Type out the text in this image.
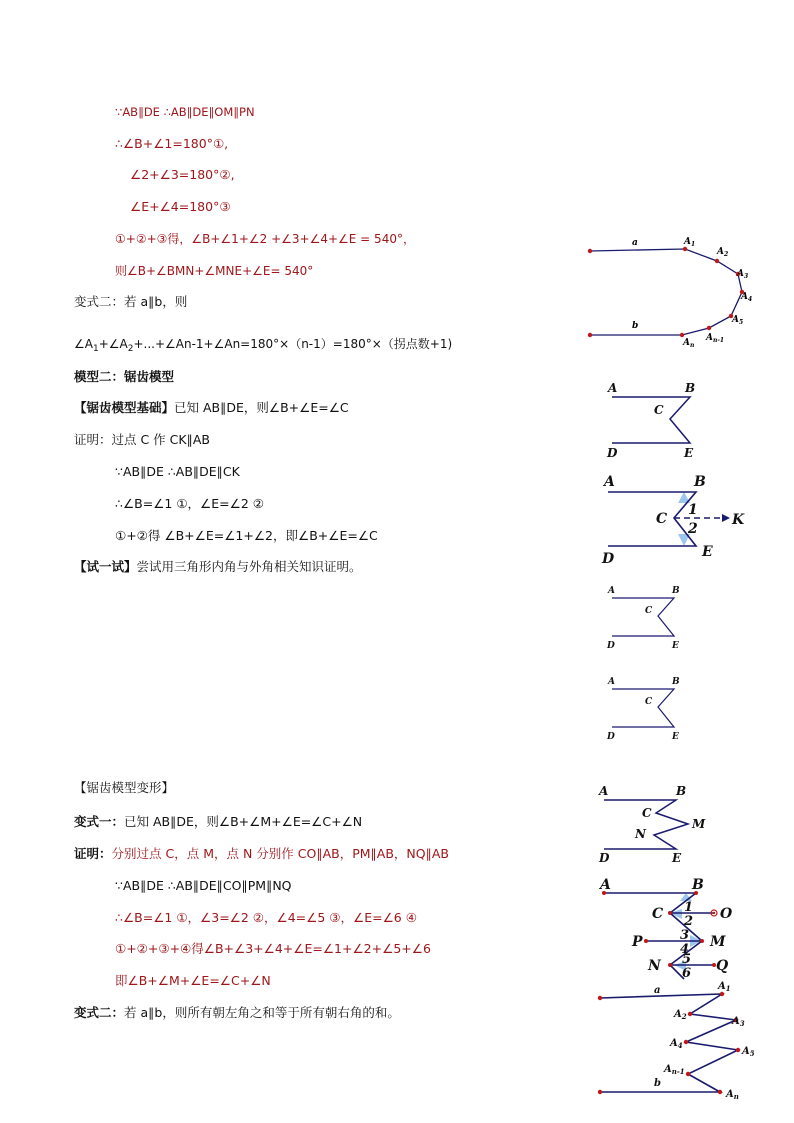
∵AB∥DE ∴AB∥DE∥OM∥PN
∴∠B+∠1=180°①,
∠2+∠3=180°②,
∠E+∠4=180°③
①+②+③得，∠B+∠1+∠2 +∠3+∠4+∠E = 540°，
则∠B+∠BMN+∠MNE+∠E= 540°
变式二：若 a∥b，则
$\angle A_1+\angle A_2+...+\angle An-1+\angle An=180^\circ\times(n-1)=180^\circ\times$（拐点数+1)
模型二：锯齿模型
【锯齿模型基础】已知 AB∥DE，则∠B+∠E=∠C
证明：过点 C 作 CK∥AB
∵AB∥DE ∴AB∥DE∥CK
∴∠B=∠1 ①，∠E=∠2 ②
①+②得 ∠B+∠E=∠1+∠2，即∠B+∠E=∠C
【试一试】尝试用三角形内角与外角相关知识证明。
【锯齿模型变形】
变式一：已知 AB∥DE，则∠B+∠M+∠E=∠C+∠N
证明：分别过点 C，点 M，点 N 分别作 CO∥AB，PM∥AB，NQ∥AB
∵AB∥DE ∴AB∥DE∥CO∥PM∥NQ
∴∠B=∠1 ①，∠3=∠2 ②，∠4=∠5 ③，∠E=∠6 ④
①+②+③+④得∠B+∠3+∠4+∠E=∠1+∠2+∠5+∠6
即∠B+∠M+∠E=∠C+∠N
变式二：若 a∥b，则所有朝左角之和等于所有朝右角的和。
a
b
$A_1$
$A_2$
$A_3$
$A_4$
$A_5$
$A_{n-1}$
$A_n$
A	B
C
D	E
A	B
C	K
D	E
1
2
A	B
C
D	E
A	B
C
D	E
A	B
C
M
N
D	E
A	B
C	O
P	M
N	Q
1
2
3
4
5
6
a
b
$A_1$
$A_2$	$A_3$
$A_4$
$A_5$
$A_{n-1}$
$A_n$
